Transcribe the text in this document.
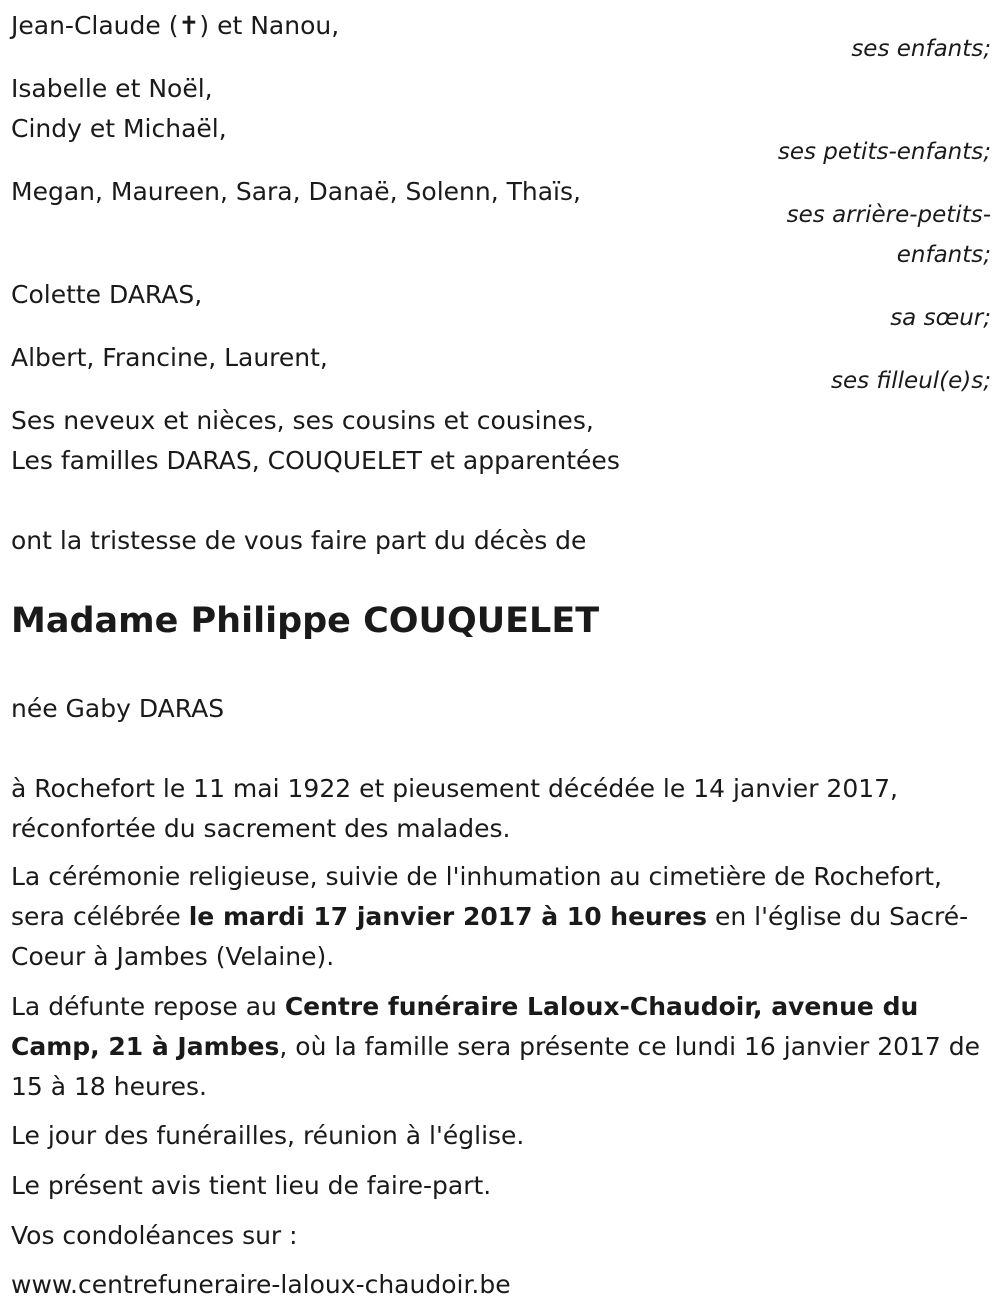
Jean-Claude (✝) et Nanou,
ses enfants;
Isabelle et Noël,
Cindy et Michaël,
ses petits-enfants;
Megan, Maureen, Sara, Danaë, Solenn, Thaïs,
ses arrière-petits-
enfants;
Colette DARAS,
sa sœur;
Albert, Francine, Laurent,
ses filleul(e)s;
Ses neveux et nièces, ses cousins et cousines,
Les familles DARAS, COUQUELET et apparentées
ont la tristesse de vous faire part du décès de
Madame Philippe COUQUELET
née Gaby DARAS
à Rochefort le 11 mai 1922 et pieusement décédée le 14 janvier 2017, réconfortée du sacrement des malades.
La cérémonie religieuse, suivie de l'inhumation au cimetière de Rochefort, sera célébrée le mardi 17 janvier 2017 à 10 heures en l'église du Sacré-Coeur à Jambes (Velaine).
La défunte repose au Centre funéraire Laloux-Chaudoir, avenue du Camp, 21 à Jambes, où la famille sera présente ce lundi 16 janvier 2017 de 15 à 18 heures.
Le jour des funérailles, réunion à l'église.
Le présent avis tient lieu de faire-part.
Vos condoléances sur :
www.centrefuneraire-laloux-chaudoir.be
